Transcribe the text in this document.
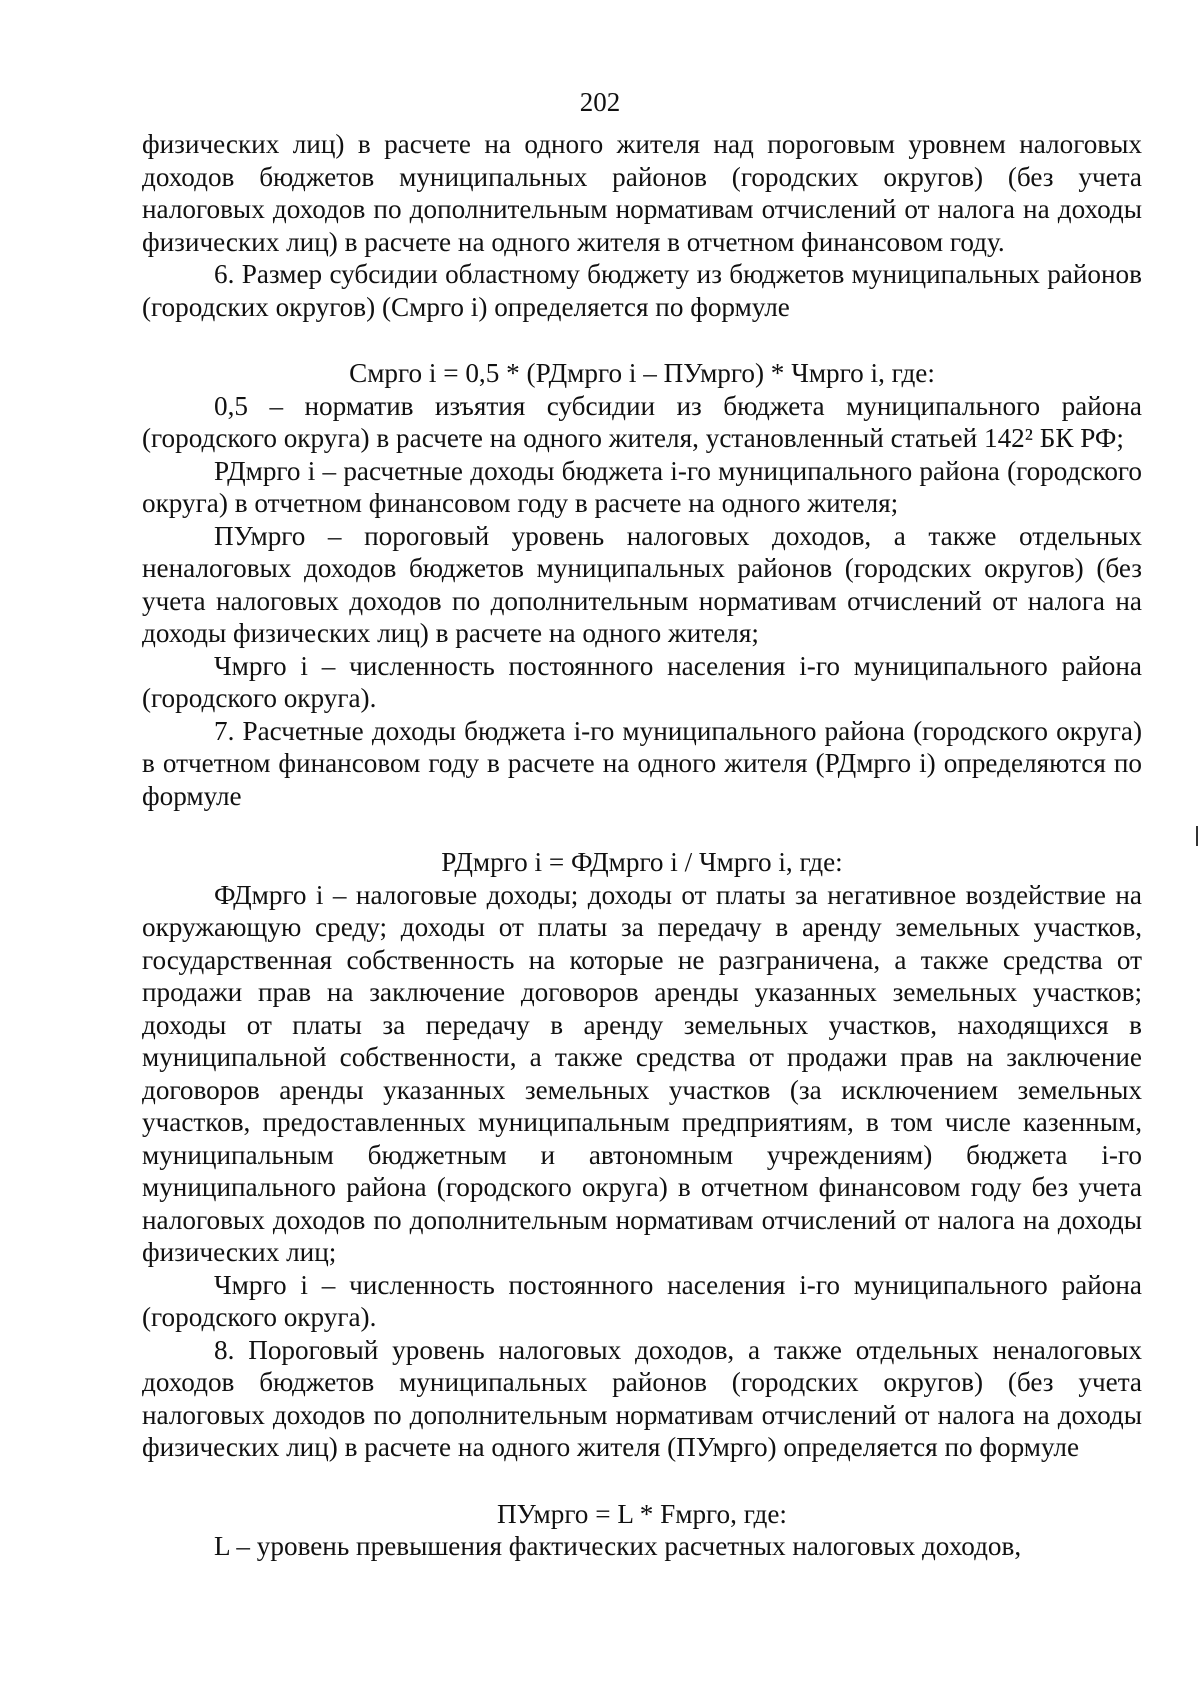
202

физических лиц) в расчете на одного жителя над пороговым уровнем налоговых доходов бюджетов муниципальных районов (городских округов) (без учета налоговых доходов по дополнительным нормативам отчислений от налога на доходы физических лиц) в расчете на одного жителя в отчетном финансовом году.

6. Размер субсидии областному бюджету из бюджетов муниципальных районов (городских округов) (Смрго i) определяется по формуле

Смрго i = 0,5 * (РДмрго i – ПУмрго) * Чмрго i, где:

0,5 – норматив изъятия субсидии из бюджета муниципального района (городского округа) в расчете на одного жителя, установленный статьей 142² БК РФ;

РДмрго i – расчетные доходы бюджета i-го муниципального района (городского округа) в отчетном финансовом году в расчете на одного жителя;

ПУмрго – пороговый уровень налоговых доходов, а также отдельных неналоговых доходов бюджетов муниципальных районов (городских округов) (без учета налоговых доходов по дополнительным нормативам отчислений от налога на доходы физических лиц) в расчете на одного жителя;

Чмрго i – численность постоянного населения i-го муниципального района (городского округа).

7. Расчетные доходы бюджета i-го муниципального района (городского округа) в отчетном финансовом году в расчете на одного жителя (РДмрго i) определяются по формуле

РДмрго i = ФДмрго i / Чмрго i, где:

ФДмрго i – налоговые доходы; доходы от платы за негативное воздействие на окружающую среду; доходы от платы за передачу в аренду земельных участков, государственная собственность на которые не разграничена, а также средства от продажи прав на заключение договоров аренды указанных земельных участков; доходы от платы за передачу в аренду земельных участков, находящихся в муниципальной собственности, а также средства от продажи прав на заключение договоров аренды указанных земельных участков (за исключением земельных участков, предоставленных муниципальным предприятиям, в том числе казенным, муниципальным бюджетным и автономным учреждениям) бюджета i-го муниципального района (городского округа) в отчетном финансовом году без учета налоговых доходов по дополнительным нормативам отчислений от налога на доходы физических лиц;

Чмрго i – численность постоянного населения i-го муниципального района (городского округа).

8. Пороговый уровень налоговых доходов, а также отдельных неналоговых доходов бюджетов муниципальных районов (городских округов) (без учета налоговых доходов по дополнительным нормативам отчислений от налога на доходы физических лиц) в расчете на одного жителя (ПУмрго) определяется по формуле

ПУмрго = L * Fмрго, где:

L – уровень превышения фактических расчетных налоговых доходов,
